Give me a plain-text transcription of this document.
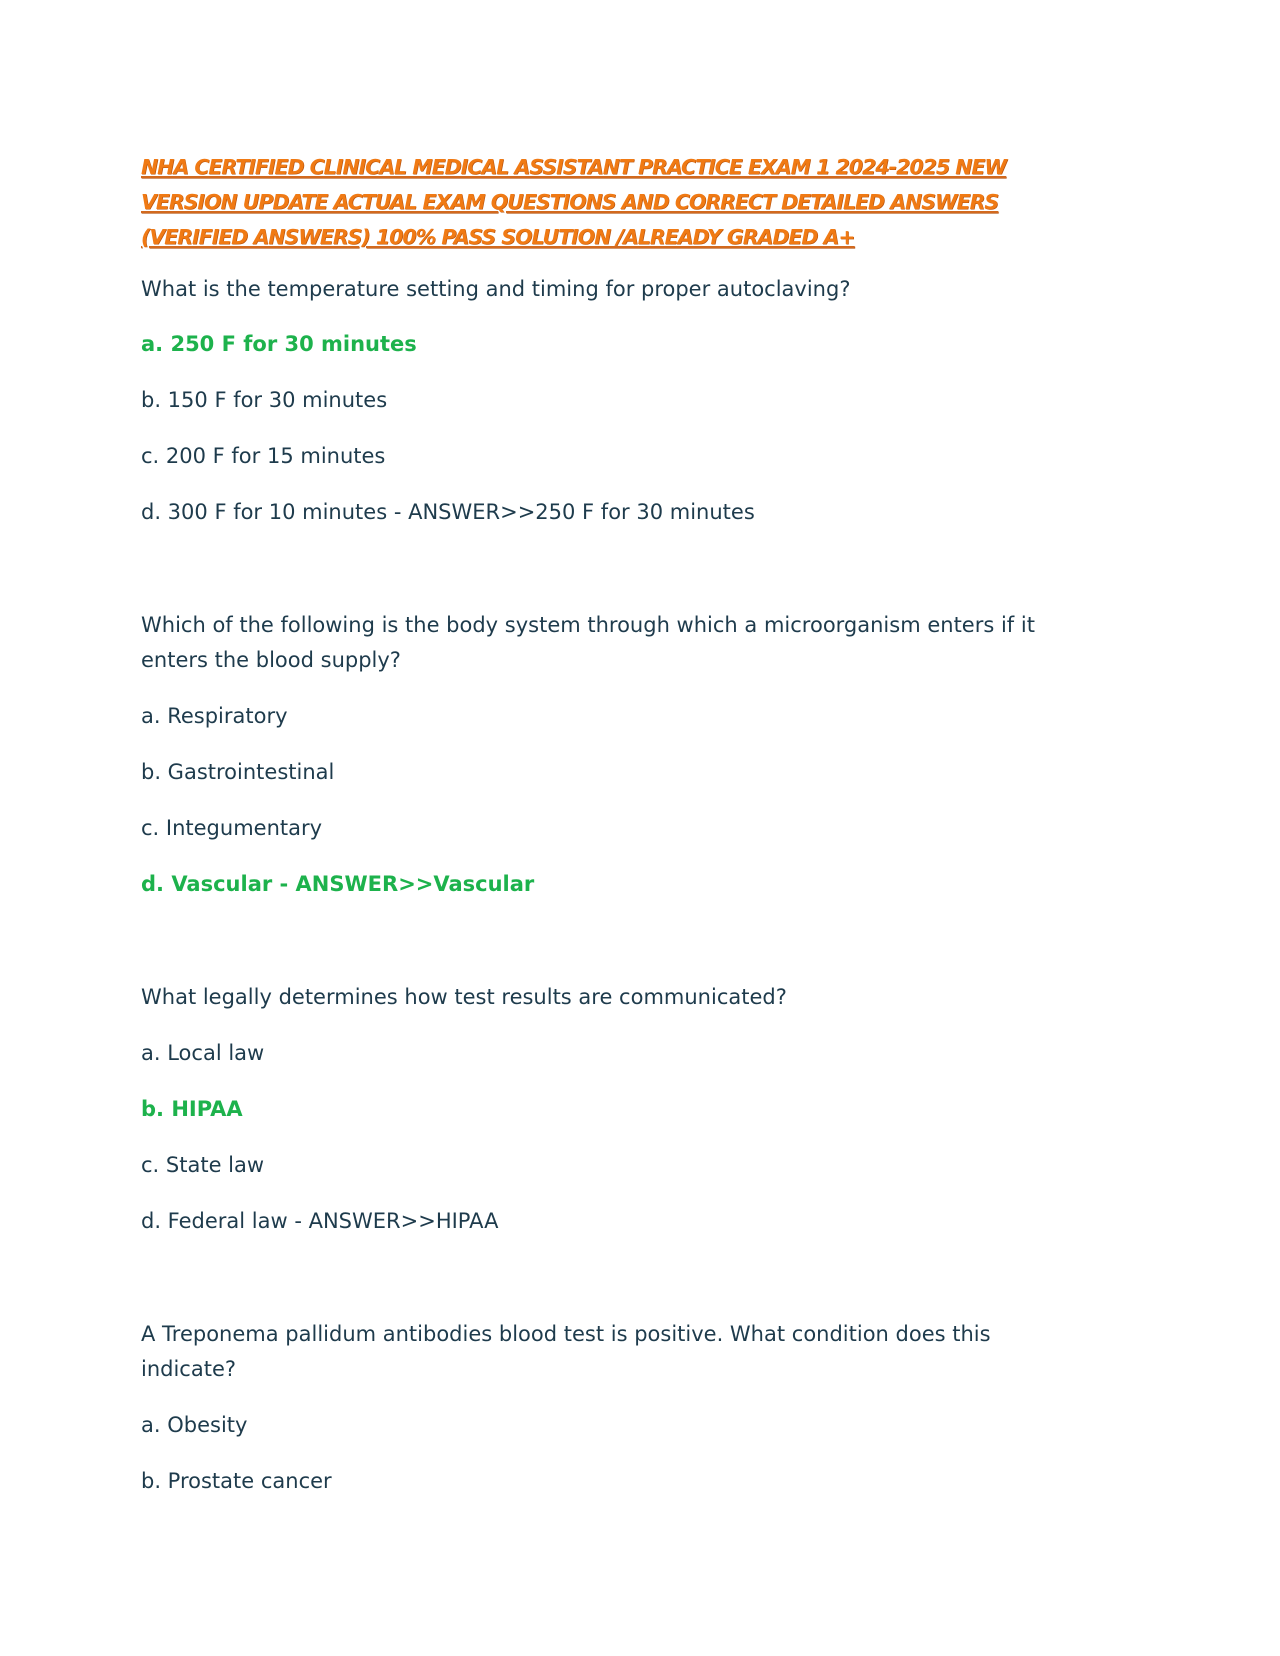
NHA CERTIFIED CLINICAL MEDICAL ASSISTANT PRACTICE EXAM 1 2024-2025 NEW
VERSION UPDATE ACTUAL EXAM QUESTIONS AND CORRECT DETAILED ANSWERS
(VERIFIED ANSWERS) 100% PASS SOLUTION /ALREADY GRADED A+

What is the temperature setting and timing for proper autoclaving?

a. 250 F for 30 minutes

b. 150 F for 30 minutes

c. 200 F for 15 minutes

d. 300 F for 10 minutes - ANSWER>>250 F for 30 minutes

Which of the following is the body system through which a microorganism enters if it
enters the blood supply?

a. Respiratory

b. Gastrointestinal

c. Integumentary

d. Vascular - ANSWER>>Vascular

What legally determines how test results are communicated?

a. Local law

b. HIPAA

c. State law

d. Federal law - ANSWER>>HIPAA

A Treponema pallidum antibodies blood test is positive. What condition does this
indicate?

a. Obesity

b. Prostate cancer
